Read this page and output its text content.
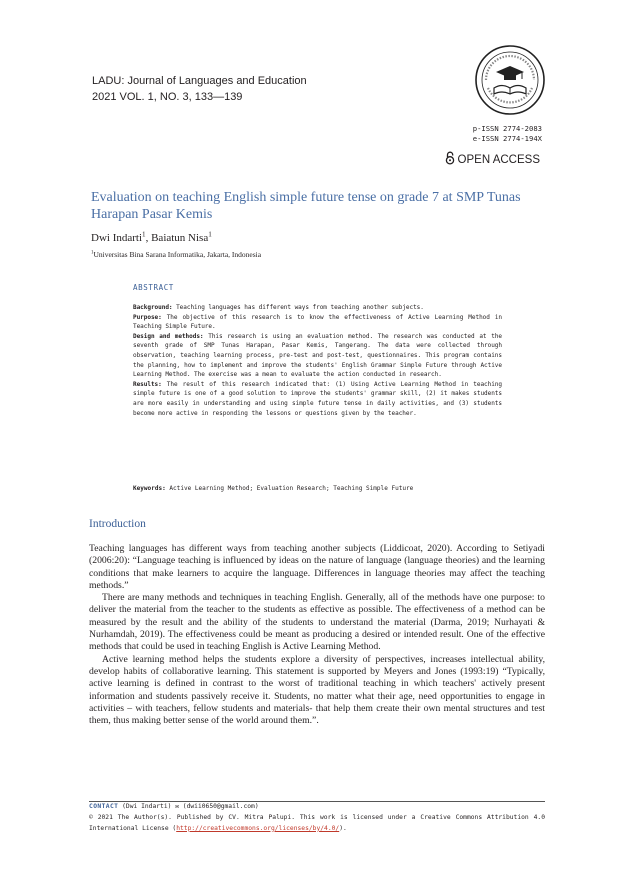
LADU: Journal of Languages and Education
2021 VOL. 1, NO. 3, 133—139
p-ISSN 2774-2083
e-ISSN 2774-194X
OPEN ACCESS
Evaluation on teaching English simple future tense on grade 7 at SMP Tunas Harapan Pasar Kemis
Dwi Indarti$^1$, Baiatun Nisa$^1$
$^1$Universitas Bina Sarana Informatika, Jakarta, Indonesia
ABSTRACT

Background: Teaching languages has different ways from teaching another subjects.

Purpose: The objective of this research is to know the effectiveness of Active Learning Method in Teaching Simple Future.

Design and methods: This research is using an evaluation method. The research was conducted at the seventh grade of SMP Tunas Harapan, Pasar Kemis, Tangerang. The data were collected through observation, teaching learning process, pre-test and post-test, questionnaires. This program contains the planning, how to implement and improve the students' English Grammar Simple Future through Active Learning Method. The exercise was a mean to evaluate the action conducted in research.

Results: The result of this research indicated that: (1) Using Active Learning Method in teaching simple future is one of a good solution to improve the students' grammar skill, (2) it makes students are more easily in understanding and using simple future tense in daily activities, and (3) students become more active in responding the lessons or questions given by the teacher.

Keywords: Active Learning Method; Evaluation Research; Teaching Simple Future
Introduction

Teaching languages has different ways from teaching another subjects (Liddicoat, 2020). According to Setiyadi (2006:20): “Language teaching is influenced by ideas on the nature of language (language theories) and the learning conditions that make learners to acquire the language. Differences in language theories may affect the teaching methods.”

There are many methods and techniques in teaching English. Generally, all of the methods have one purpose: to deliver the material from the teacher to the students as effective as possible. The effectiveness of a method can be measured by the result and the ability of the students to understand the material (Darma, 2019; Nurhayati & Nurhamdah, 2019). The effectiveness could be meant as producing a desired or intended result. One of the effective methods that could be used in teaching English is Active Learning Method.

Active learning method helps the students explore a diversity of perspectives, increases intellectual ability, develop habits of collaborative learning. This statement is supported by Meyers and Jones (1993:19) “Typically, active learning is defined in contrast to the worst of traditional teaching in which teachers' actively present information and students passively receive it. Students, no matter what their age, need opportunities to engage in activities – with teachers, fellow students and materials- that help them create their own mental structures and test them, thus making better sense of the world around them.”.

CONTACT (Dwi Indarti) ✉ (dwii0650@gmail.com)

© 2021 The Author(s). Published by CV. Mitra Palupi. This work is licensed under a Creative Commons Attribution 4.0 International License (http://creativecommons.org/licenses/by/4.0/).
